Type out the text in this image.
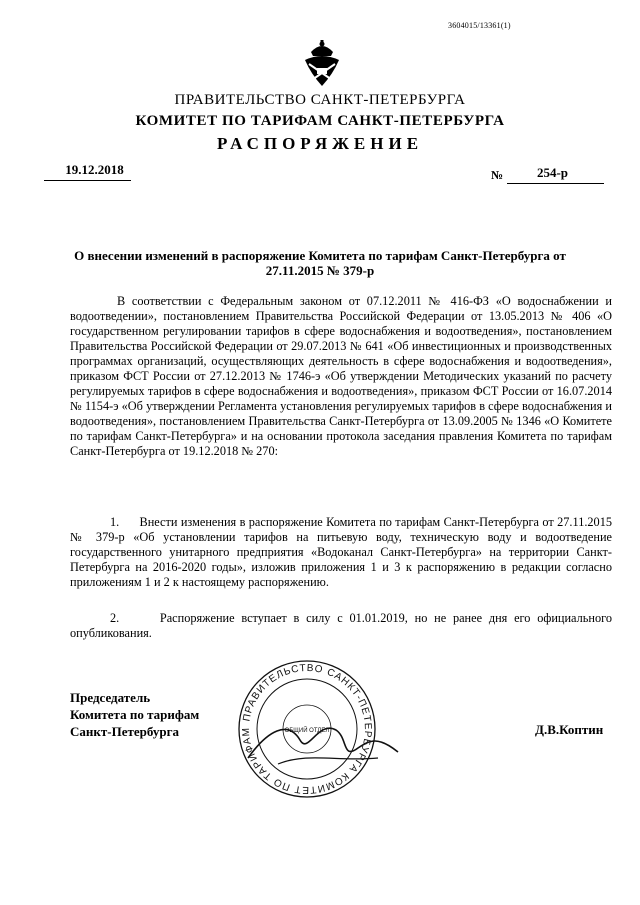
3604015/13361(1)
ПРАВИТЕЛЬСТВО САНКТ-ПЕТЕРБУРГА
КОМИТЕТ ПО ТАРИФАМ САНКТ-ПЕТЕРБУРГА
РАСПОРЯЖЕНИЕ
19.12.2018	№	254-р
О внесении изменений в распоряжение Комитета по тарифам Санкт-Петербурга от 27.11.2015 № 379-р
В соответствии с Федеральным законом от 07.12.2011 № 416-ФЗ «О водоснабжении и водоотведении», постановлением Правительства Российской Федерации от 13.05.2013 № 406 «О государственном регулировании тарифов в сфере водоснабжения и водоотведения», постановлением Правительства Российской Федерации от 29.07.2013 № 641 «Об инвестиционных и производственных программах организаций, осуществляющих деятельность в сфере водоснабжения и водоотведения», приказом ФСТ России от 27.12.2013 № 1746-э «Об утверждении Методических указаний по расчету регулируемых тарифов в сфере водоснабжения и водоотведения», приказом ФСТ России от 16.07.2014 № 1154-э «Об утверждении Регламента установления регулируемых тарифов в сфере водоснабжения и водоотведения», постановлением Правительства Санкт-Петербурга от 13.09.2005 № 1346 «О Комитете по тарифам Санкт-Петербурга» и на основании протокола заседания правления Комитета по тарифам Санкт-Петербурга от 19.12.2018 № 270:
1. Внести изменения в распоряжение Комитета по тарифам Санкт-Петербурга от 27.11.2015 № 379-р «Об установлении тарифов на питьевую воду, техническую воду и водоотведение государственного унитарного предприятия «Водоканал Санкт-Петербурга» на территории Санкт-Петербурга на 2016-2020 годы», изложив приложения 1 и 3 к распоряжению в редакции согласно приложениям 1 и 2 к настоящему распоряжению.
2.	Распоряжение вступает в силу с 01.01.2019, но не ранее дня его официального опубликования.
Председатель
Комитета по тарифам
Санкт-Петербурга
ПРАВИТЕЛЬСТВО САНКТ-ПЕТЕРБУРГА КОМИТЕТ ПО ТАРИФАМ	ОБЩИЙ ОТДЕЛ	Д.В.Коптин
